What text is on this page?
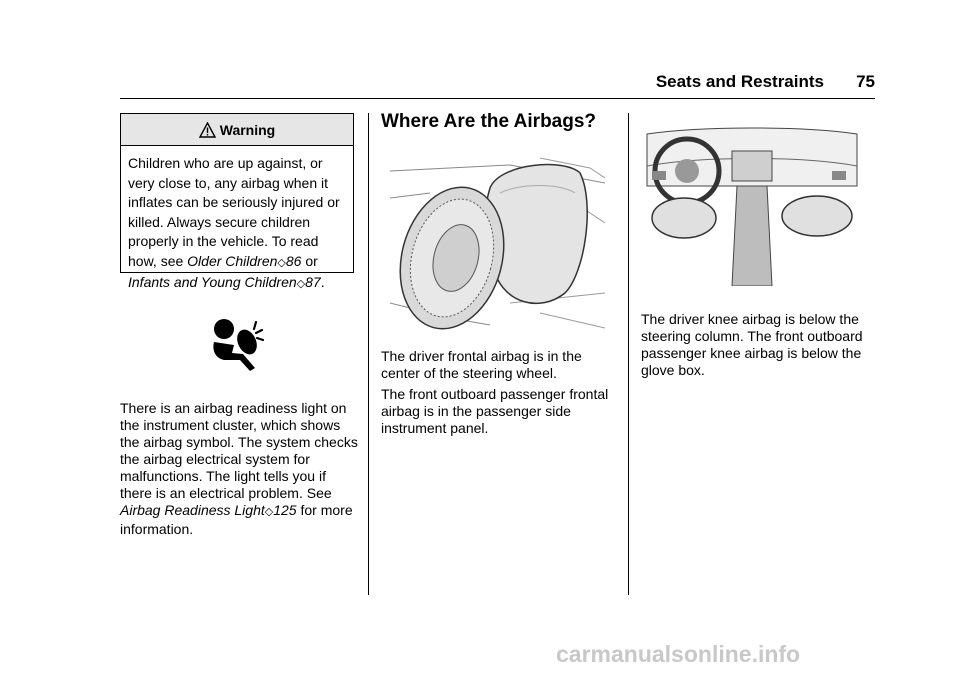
Seats and Restraints 75
Warning
Children who are up against, or very close to, any airbag when it inflates can be seriously injured or killed. Always secure children properly in the vehicle. To read how, see Older Children◇86 or Infants and Young Children◇87.

There is an airbag readiness light on the instrument cluster, which shows the airbag symbol. The system checks the airbag electrical system for malfunctions. The light tells you if there is an electrical problem. See Airbag Readiness Light◇125 for more information.

Where Are the Airbags?

The driver frontal airbag is in the center of the steering wheel.

The front outboard passenger frontal airbag is in the passenger side instrument panel.

The driver knee airbag is below the steering column. The front outboard passenger knee airbag is below the glove box.

carmanualsonline.info
